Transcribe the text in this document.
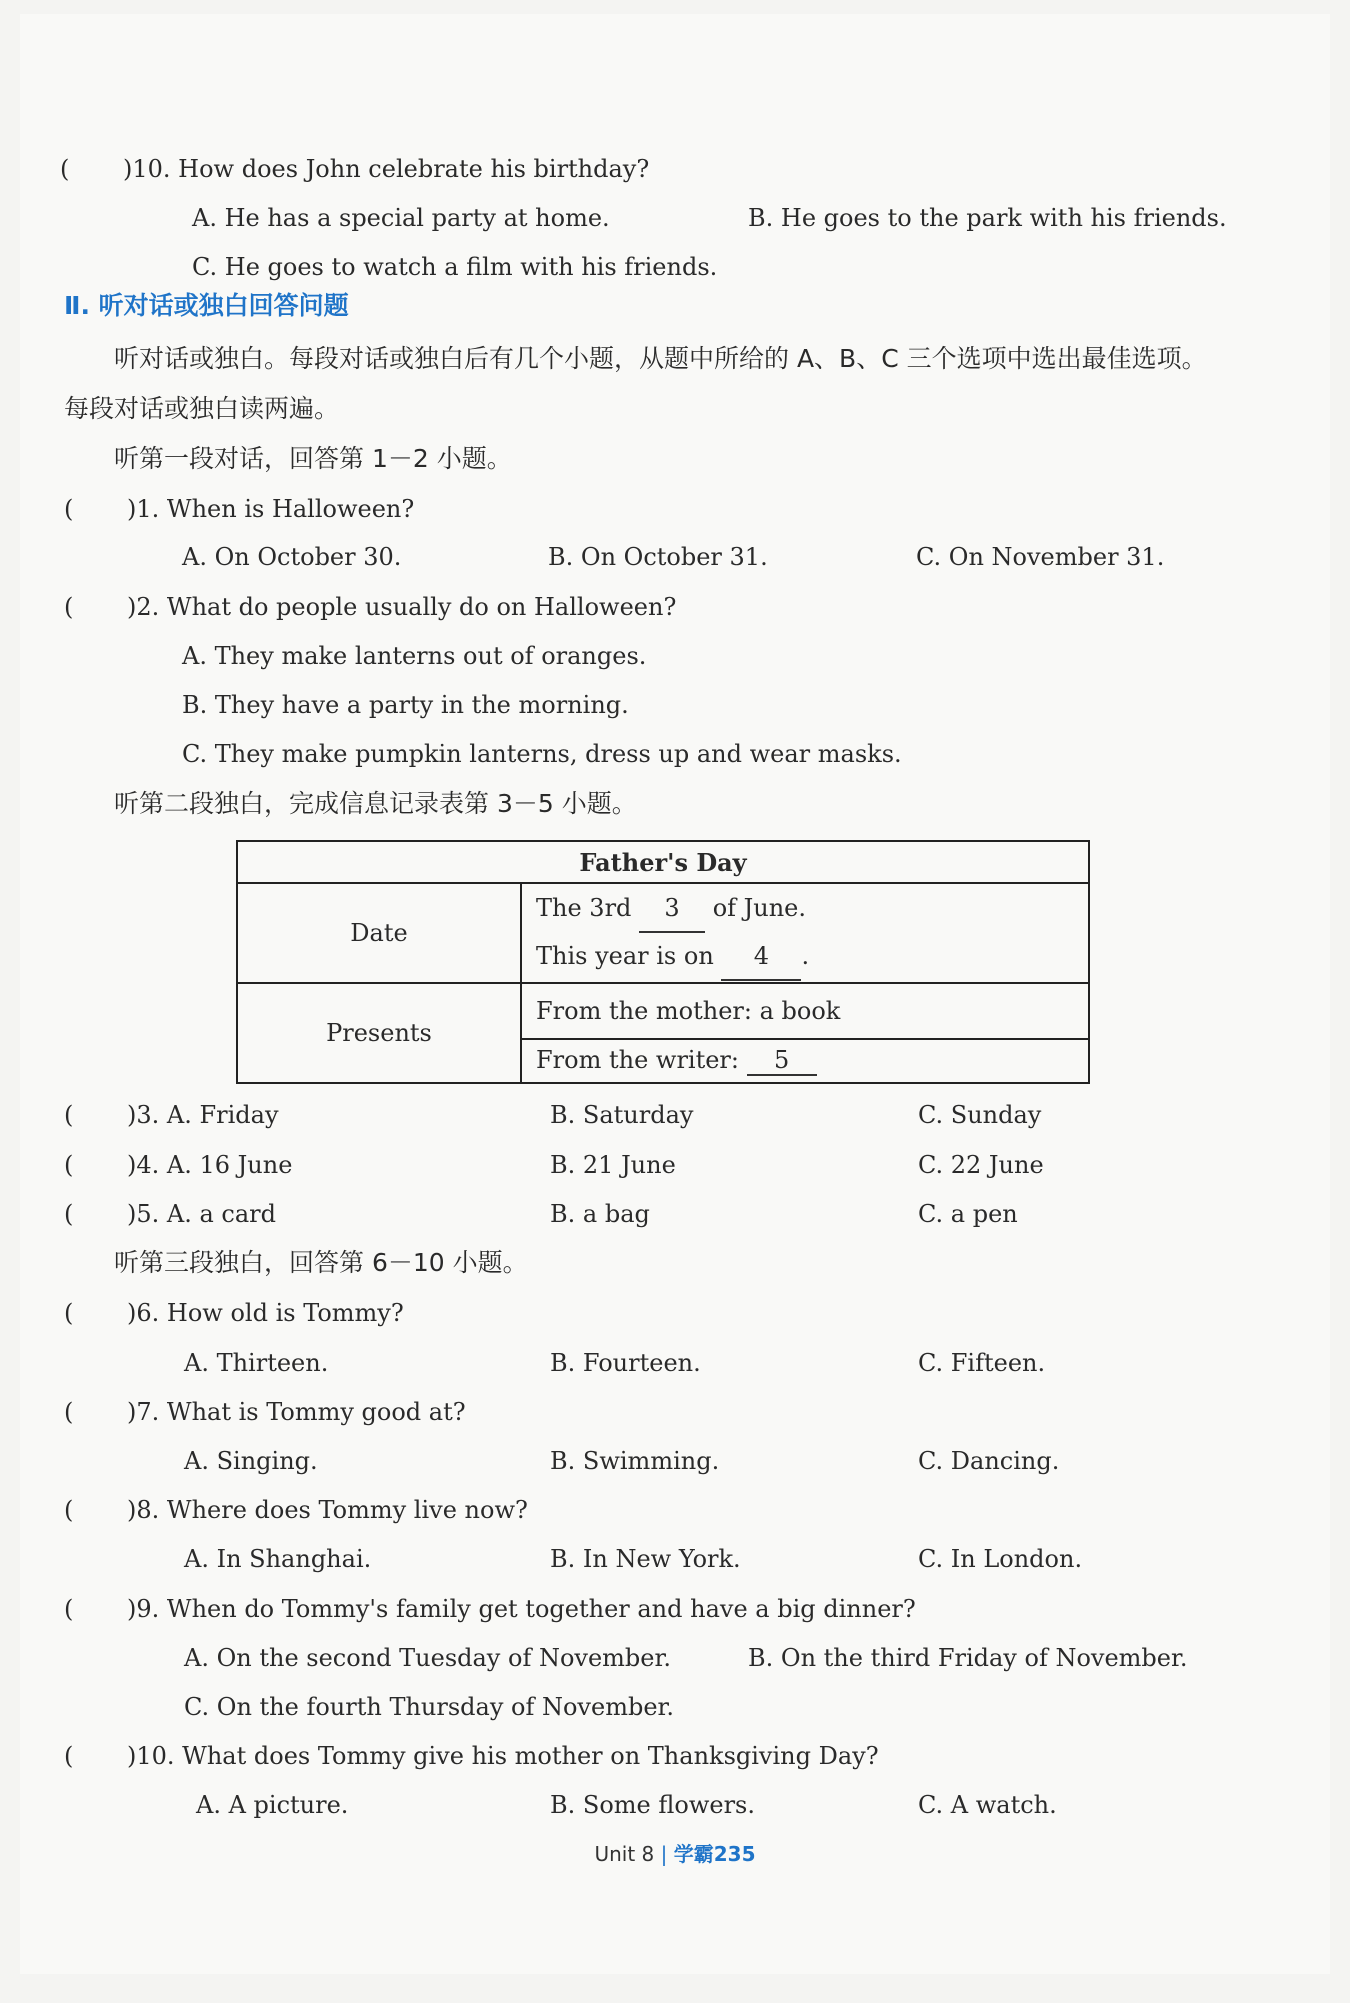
( )10. How does John celebrate his birthday?
A. He has a special party at home.	B. He goes to the park with his friends.
C. He goes to watch a film with his friends.
Ⅱ. 听对话或独白回答问题
听对话或独白。每段对话或独白后有几个小题，从题中所给的 A、B、C 三个选项中选出最佳选项。
每段对话或独白读两遍。
听第一段对话，回答第 1－2 小题。
( )1. When is Halloween?
A. On October 30.	B. On October 31.	C. On November 31.
( )2. What do people usually do on Halloween?
A. They make lanterns out of oranges.
B. They have a party in the morning.
C. They make pumpkin lanterns, dress up and wear masks.
听第二段独白，完成信息记录表第 3－5 小题。
Father's Day	
Date	The 3rd 3 of June.
This year is on 4 .

Presents	From the mother: a book
	From the writer: 5
( )3. A. Friday	B. Saturday	C. Sunday
( )4. A. 16 June	B. 21 June	C. 22 June
( )5. A. a card	B. a bag	C. a pen
听第三段独白，回答第 6－10 小题。
( )6. How old is Tommy?
A. Thirteen.	B. Fourteen.	C. Fifteen.
( )7. What is Tommy good at?
A. Singing.	B. Swimming.	C. Dancing.
( )8. Where does Tommy live now?
A. In Shanghai.	B. In New York.	C. In London.
( )9. When do Tommy's family get together and have a big dinner?
A. On the second Tuesday of November.	B. On the third Friday of November.
C. On the fourth Thursday of November.
( )10. What does Tommy give his mother on Thanksgiving Day?
A. A picture.	B. Some flowers.	C. A watch.
Unit 8 | 学霸235
